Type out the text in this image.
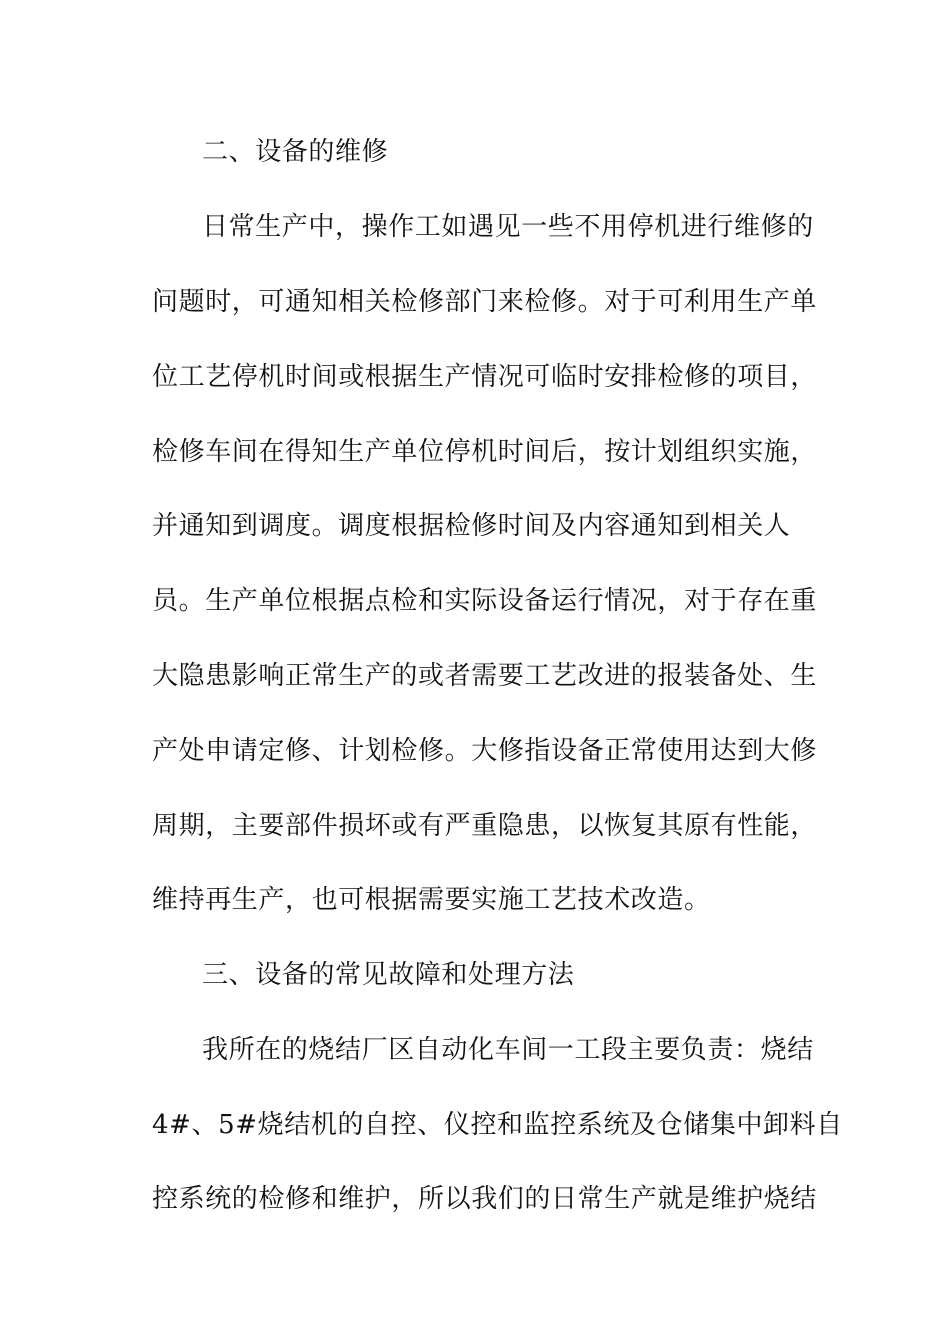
二、设备的维修
日常生产中，操作工如遇见一些不用停机进行维修的
问题时，可通知相关检修部门来检修。对于可利用生产单
位工艺停机时间或根据生产情况可临时安排检修的项目，
检修车间在得知生产单位停机时间后，按计划组织实施，
并通知到调度。调度根据检修时间及内容通知到相关人
员。生产单位根据点检和实际设备运行情况，对于存在重
大隐患影响正常生产的或者需要工艺改进的报装备处、生
产处申请定修、计划检修。大修指设备正常使用达到大修
周期，主要部件损坏或有严重隐患，以恢复其原有性能，
维持再生产，也可根据需要实施工艺技术改造。
三、设备的常见故障和处理方法
我所在的烧结厂区自动化车间一工段主要负责：烧结
4#、5#烧结机的自控、仪控和监控系统及仓储集中卸料自
控系统的检修和维护，所以我们的日常生产就是维护烧结
